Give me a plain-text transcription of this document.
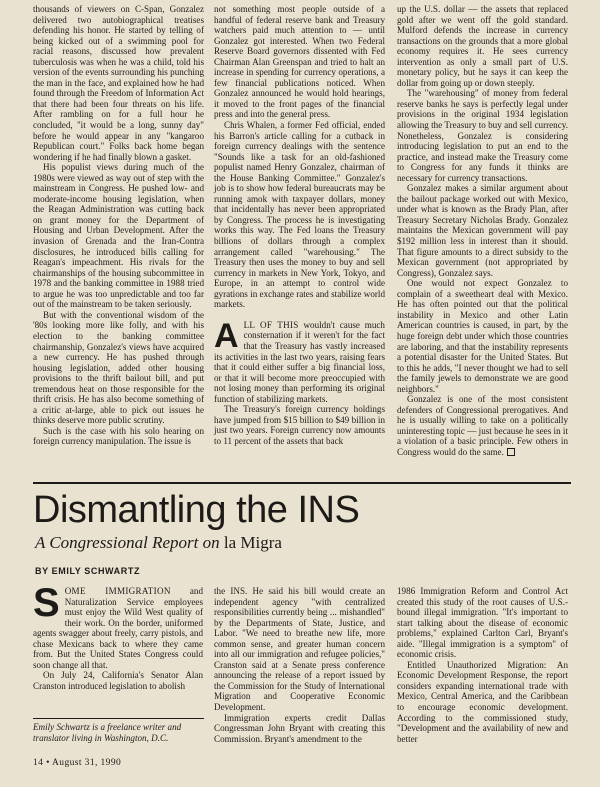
thousands of viewers on C-Span, Gonzalez delivered two autobiographical treatises defending his honor. He started by telling of being kicked out of a swimming pool for racial reasons, discussed how prevalent tuberculosis was when he was a child, told his version of the events surrounding his punching the man in the face, and explained how he had found through the Freedom of Information Act that there had been four threats on his life. After rambling on for a full hour he concluded, "it would be a long, sunny day" before he would appear in any "kangaroo Republican court." Folks back home began wondering if he had finally blown a gasket.

His populist views during much of the 1980s were viewed as way out of step with the mainstream in Congress. He pushed low- and moderate-income housing legislation, when the Reagan Administration was cutting back on grant money for the Department of Housing and Urban Development. After the invasion of Grenada and the Iran-Contra disclosures, he introduced bills calling for Reagan's impeachment. His rivals for the chairmanships of the housing subcommittee in 1978 and the banking committee in 1988 tried to argue he was too unpredictable and too far out of the mainstream to be taken seriously.

But with the conventional wisdom of the '80s looking more like folly, and with his election to the banking committee chairmanship, Gonzalez's views have acquired a new currency. He has pushed through housing legislation, added other housing provisions to the thrift bailout bill, and put tremendous heat on those responsible for the thrift crisis. He has also become something of a critic at-large, able to pick out issues he thinks deserve more public scrutiny.

Such is the case with his solo hearing on foreign currency manipulation. The issue is

not something most people outside of a handful of federal reserve bank and Treasury watchers paid much attention to — until Gonzalez got interested. When two Federal Reserve Board governors dissented with Fed Chairman Alan Greenspan and tried to halt an increase in spending for currency operations, a few financial publications noticed. When Gonzalez announced he would hold hearings, it moved to the front pages of the financial press and into the general press.

Chris Whalen, a former Fed official, ended his Barron's article calling for a cutback in foreign currency dealings with the sentence "Sounds like a task for an old-fashioned populist named Henry Gonzalez, chairman of the House Banking Committee." Gonzalez's job is to show how federal bureaucrats may be running amok with taxpayer dollars, money that incidentally has never been appropriated by Congress. The process he is investigating works this way. The Fed loans the Treasury billions of dollars through a complex arrangement called "warehousing." The Treasury then uses the money to buy and sell currency in markets in New York, Tokyo, and Europe, in an attempt to control wide gyrations in exchange rates and stabilize world markets.

ALL OF THIS wouldn't cause much consternation if it weren't for the fact that the Treasury has vastly increased its activities in the last two years, raising fears that it could either suffer a big financial loss, or that it will become more preoccupied with not losing money than performing its original function of stabilizing markets.

The Treasury's foreign currency holdings have jumped from $15 billion to $49 billion in just two years. Foreign currency now amounts to 11 percent of the assets that back

up the U.S. dollar — the assets that replaced gold after we went off the gold standard. Mulford defends the increase in currency transactions on the grounds that a more global economy requires it. He sees currency intervention as only a small part of U.S. monetary policy, but he says it can keep the dollar from going up or down steeply.

The "warehousing" of money from federal reserve banks he says is perfectly legal under provisions in the original 1934 legislation allowing the Treasury to buy and sell currency. Nonetheless, Gonzalez is considering introducing legislation to put an end to the practice, and instead make the Treasury come to Congress for any funds it thinks are necessary for currency transactions.

Gonzalez makes a similar argument about the bailout package worked out with Mexico, under what is known as the Brady Plan, after Treasury Secretary Nicholas Brady. Gonzalez maintains the Mexican government will pay $192 million less in interest than it should. That figure amounts to a direct subsidy to the Mexican government (not appropriated by Congress), Gonzalez says.

One would not expect Gonzalez to complain of a sweetheart deal with Mexico. He has often pointed out that the political instability in Mexico and other Latin American countries is caused, in part, by the huge foreign debt under which those countries are laboring, and that the instability represents a potential disaster for the United States. But to this he adds, "I never thought we had to sell the family jewels to demonstrate we are good neighbors."

Gonzalez is one of the most consistent defenders of Congressional prerogatives. And he is usually willing to take on a politically uninteresting topic — just because he sees in it a violation of a basic principle. Few others in Congress would do the same.

Dismantling the INS
A Congressional Report on la Migra
BY EMILY SCHWARTZ

SOME IMMIGRATION and Naturalization Service employees must enjoy the Wild West quality of their work. On the border, uniformed agents swagger about freely, carry pistols, and chase Mexicans back to where they came from. But the United States Congress could soon change all that.

On July 24, California's Senator Alan Cranston introduced legislation to abolish

Emily Schwartz is a freelance writer and translator living in Washington, D.C.

the INS. He said his bill would create an independent agency "with centralized responsibilities currently being ... mishandled" by the Departments of State, Justice, and Labor. "We need to breathe new life, more common sense, and greater human concern into all our immigration and refugee policies," Cranston said at a Senate press conference announcing the release of a report issued by the Commission for the Study of International Migration and Cooperative Economic Development.

Immigration experts credit Dallas Congressman John Bryant with creating this Commission. Bryant's amendment to the

1986 Immigration Reform and Control Act created this study of the root causes of U.S.-bound illegal immigration. "It's important to start talking about the disease of economic problems," explained Carlton Carl, Bryant's aide. "Illegal immigration is a symptom" of economic crisis.

Entitled Unauthorized Migration: An Economic Development Response, the report considers expanding international trade with Mexico, Central America, and the Caribbean to encourage economic development. According to the commissioned study, "Development and the availability of new and better

14 • August 31, 1990
